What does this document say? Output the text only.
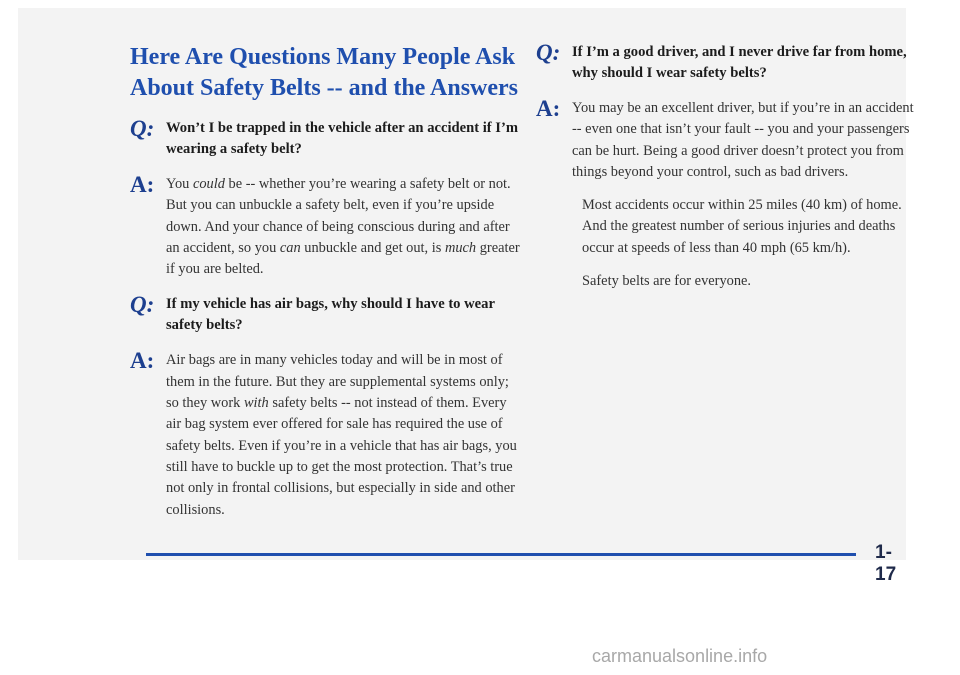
Here Are Questions Many People Ask
About Safety Belts -- and the Answers
Q: Won’t I be trapped in the vehicle after an accident if I’m wearing a safety belt?

A: You could be -- whether you’re wearing a safety belt or not. But you can unbuckle a safety belt, even if you’re upside down. And your chance of being conscious during and after an accident, so you can unbuckle and get out, is much greater if you are belted.

Q: If my vehicle has air bags, why should I have to wear safety belts?

A: Air bags are in many vehicles today and will be in most of them in the future. But they are supplemental systems only; so they work with safety belts -- not instead of them. Every air bag system ever offered for sale has required the use of safety belts. Even if you’re in a vehicle that has air bags, you still have to buckle up to get the most protection. That’s true not only in frontal collisions, but especially in side and other collisions.

Q: If I’m a good driver, and I never drive far from home, why should I wear safety belts?

A: You may be an excellent driver, but if you’re in an accident -- even one that isn’t your fault -- you and your passengers can be hurt. Being a good driver doesn’t protect you from things beyond your control, such as bad drivers.

Most accidents occur within 25 miles (40 km) of home. And the greatest number of serious injuries and deaths occur at speeds of less than 40 mph (65 km/h).

Safety belts are for everyone.

1-17
carmanualsonline.info
